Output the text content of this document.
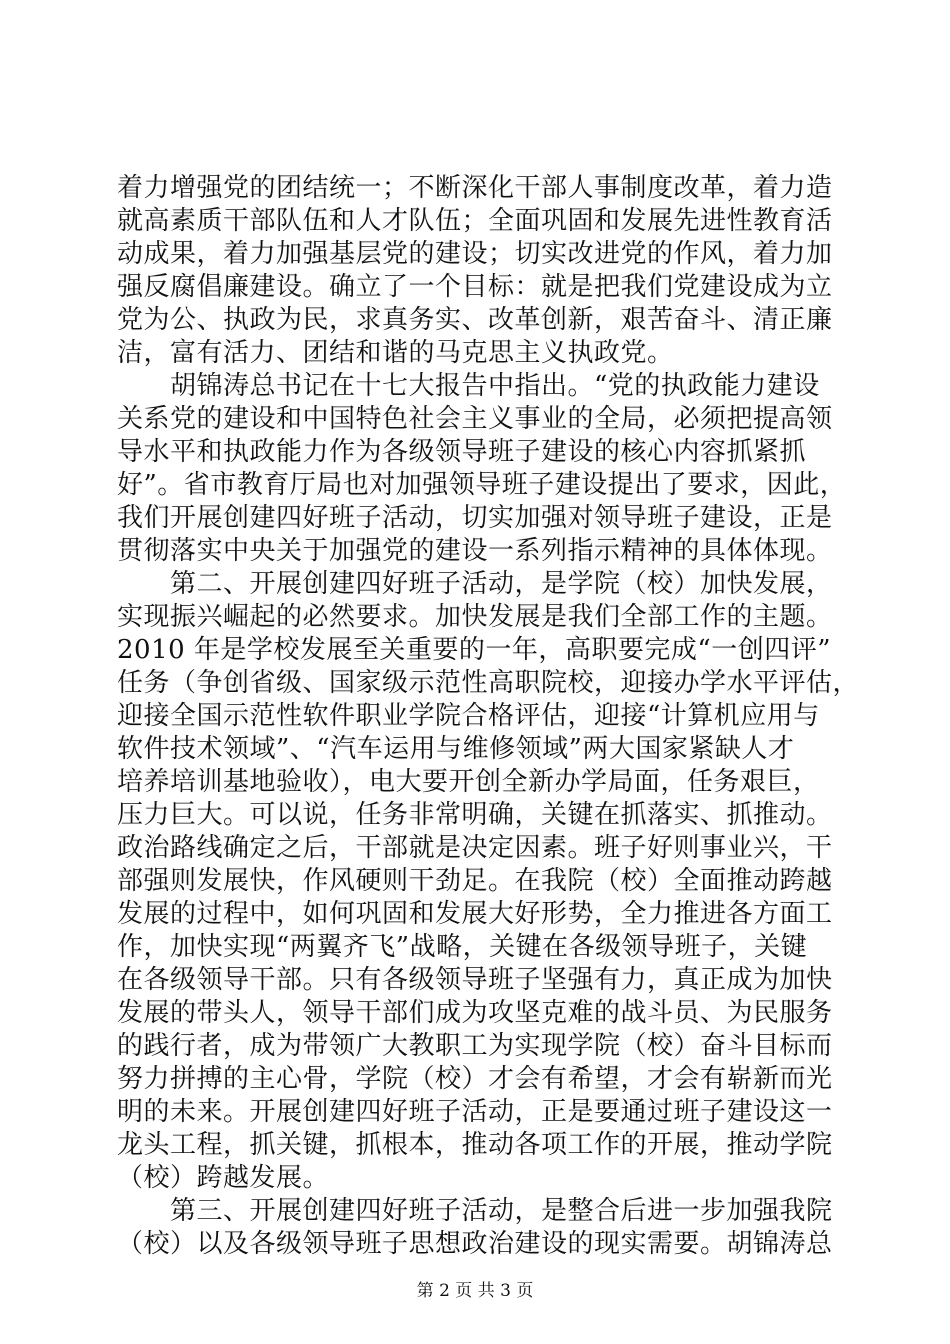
着力增强党的团结统一；不断深化干部人事制度改革，着力造
就高素质干部队伍和人才队伍；全面巩固和发展先进性教育活
动成果，着力加强基层党的建设；切实改进党的作风，着力加
强反腐倡廉建设。确立了一个目标：就是把我们党建设成为立
党为公、执政为民，求真务实、改革创新，艰苦奋斗、清正廉
洁，富有活力、团结和谐的马克思主义执政党。
　　胡锦涛总书记在十七大报告中指出。“党的执政能力建设
关系党的建设和中国特色社会主义事业的全局，必须把提高领
导水平和执政能力作为各级领导班子建设的核心内容抓紧抓
好”。省市教育厅局也对加强领导班子建设提出了要求，因此，
我们开展创建四好班子活动，切实加强对领导班子建设，正是
贯彻落实中央关于加强党的建设一系列指示精神的具体体现。
　　第二、开展创建四好班子活动，是学院（校）加快发展，
实现振兴崛起的必然要求。加快发展是我们全部工作的主题。
2010 年是学校发展至关重要的一年，高职要完成“一创四评”
任务（争创省级、国家级示范性高职院校，迎接办学水平评估，
迎接全国示范性软件职业学院合格评估，迎接“计算机应用与
软件技术领域”、“汽车运用与维修领域”两大国家紧缺人才
培养培训基地验收），电大要开创全新办学局面，任务艰巨，
压力巨大。可以说，任务非常明确，关键在抓落实、抓推动。
政治路线确定之后，干部就是决定因素。班子好则事业兴，干
部强则发展快，作风硬则干劲足。在我院（校）全面推动跨越
发展的过程中，如何巩固和发展大好形势，全力推进各方面工
作，加快实现“两翼齐飞”战略，关键在各级领导班子，关键
在各级领导干部。只有各级领导班子坚强有力，真正成为加快
发展的带头人，领导干部们成为攻坚克难的战斗员、为民服务
的践行者，成为带领广大教职工为实现学院（校）奋斗目标而
努力拼搏的主心骨，学院（校）才会有希望，才会有崭新而光
明的未来。开展创建四好班子活动，正是要通过班子建设这一
龙头工程，抓关键，抓根本，推动各项工作的开展，推动学院
（校）跨越发展。
　　第三、开展创建四好班子活动，是整合后进一步加强我院
（校）以及各级领导班子思想政治建设的现实需要。胡锦涛总
第 2 页 共 3 页
